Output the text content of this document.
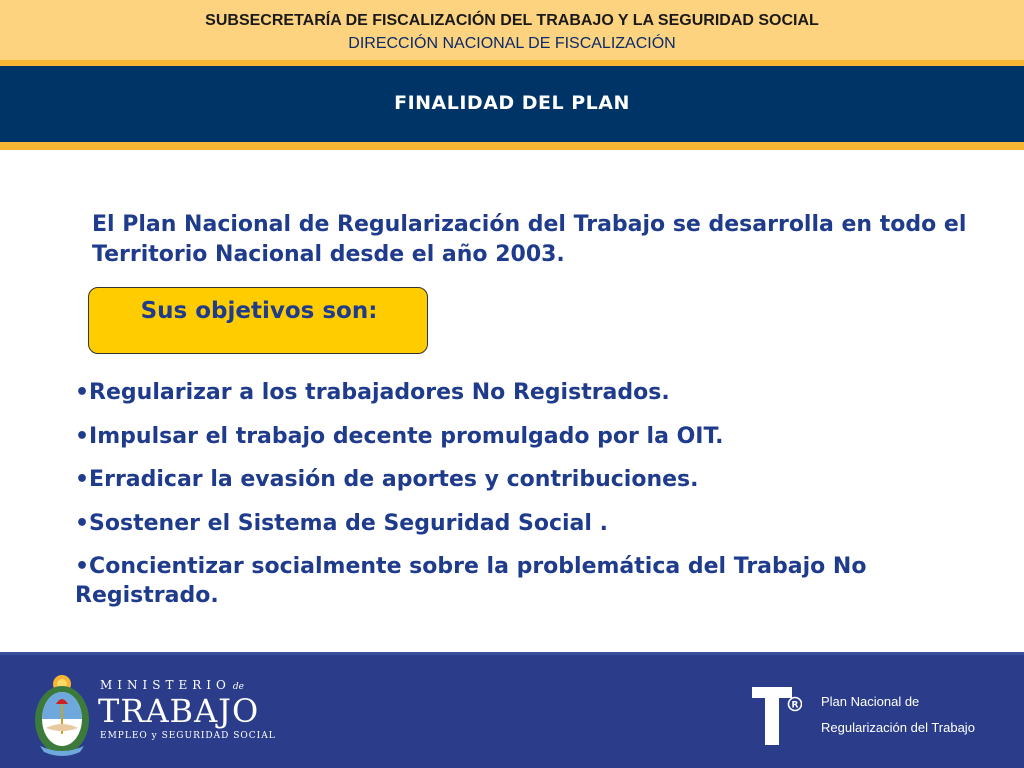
SUBSECRETARÍA DE FISCALIZACIÓN DEL TRABAJO Y LA SEGURIDAD SOCIAL
DIRECCIÓN NACIONAL DE FISCALIZACIÓN
FINALIDAD DEL PLAN

El Plan Nacional de Regularización del Trabajo se desarrolla en todo el Territorio Nacional desde el año 2003.

Sus objetivos son:
•Regularizar a los trabajadores No Registrados.
•Impulsar el trabajo decente promulgado por la OIT.
•Erradicar la evasión de aportes y contribuciones.
•Sostener el Sistema de Seguridad Social .
•Concientizar socialmente sobre la problemática del Trabajo No Registrado.
MINISTERIO de
TRABAJO
EMPLEO y SEGURIDAD SOCIAL
R Plan Nacional de
Regularización del Trabajo
